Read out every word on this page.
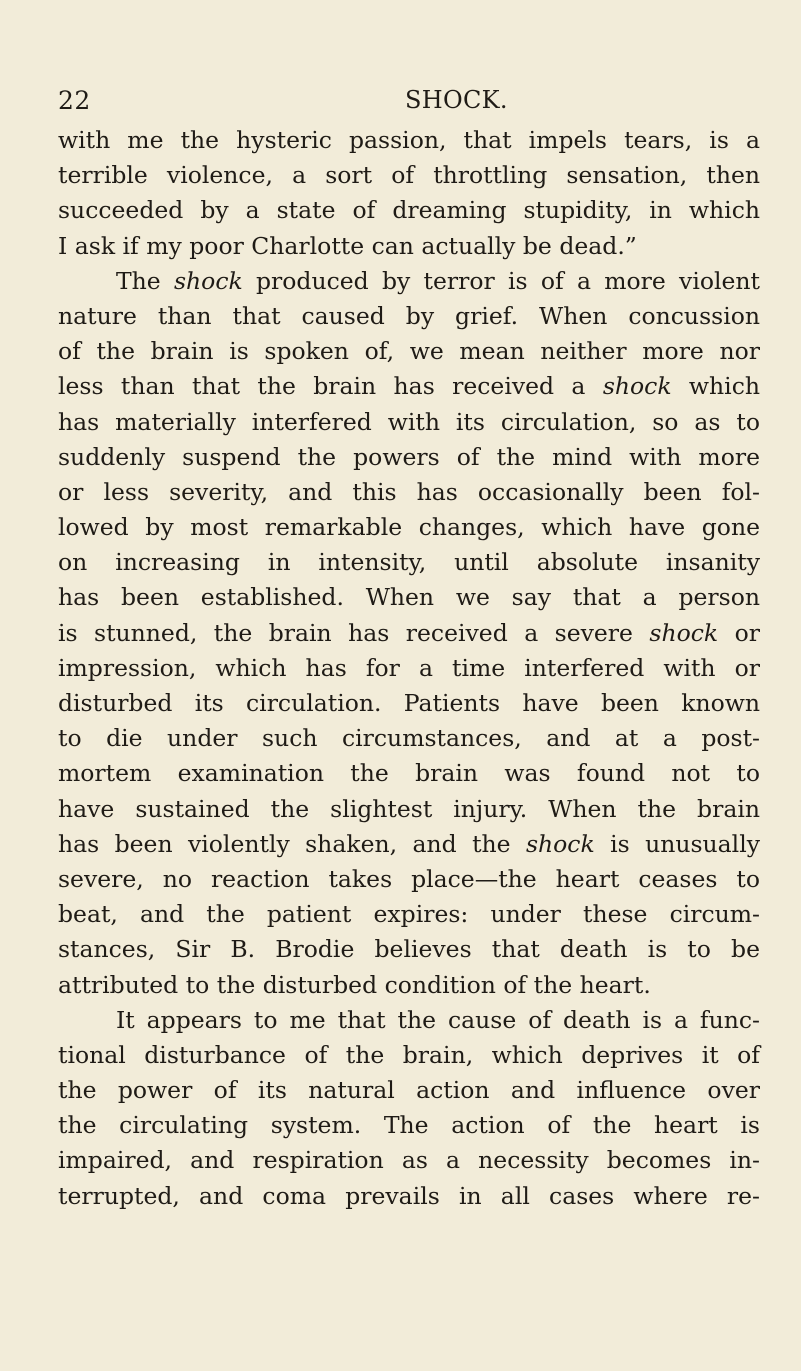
22	SHOCK.
with me the hysteric passion, that impels tears, is a
terrible violence, a sort of throttling sensation, then
succeeded by a state of dreaming stupidity, in which
I ask if my poor Charlotte can actually be dead.”
The shock produced by terror is of a more violent
nature than that caused by grief. When concussion
of the brain is spoken of, we mean neither more nor
less than that the brain has received a shock which
has materially interfered with its circulation, so as to
suddenly suspend the powers of the mind with more
or less severity, and this has occasionally been fol-
lowed by most remarkable changes, which have gone
on increasing in intensity, until absolute insanity
has been established. When we say that a person
is stunned, the brain has received a severe shock or
impression, which has for a time interfered with or
disturbed its circulation. Patients have been known
to die under such circumstances, and at a post-
mortem examination the brain was found not to
have sustained the slightest injury. When the brain
has been violently shaken, and the shock is unusually
severe, no reaction takes place—the heart ceases to
beat, and the patient expires: under these circum-
stances, Sir B. Brodie believes that death is to be
attributed to the disturbed condition of the heart.
It appears to me that the cause of death is a func-
tional disturbance of the brain, which deprives it of
the power of its natural action and influence over
the circulating system. The action of the heart is
impaired, and respiration as a necessity becomes in-
terrupted, and coma prevails in all cases where re-
